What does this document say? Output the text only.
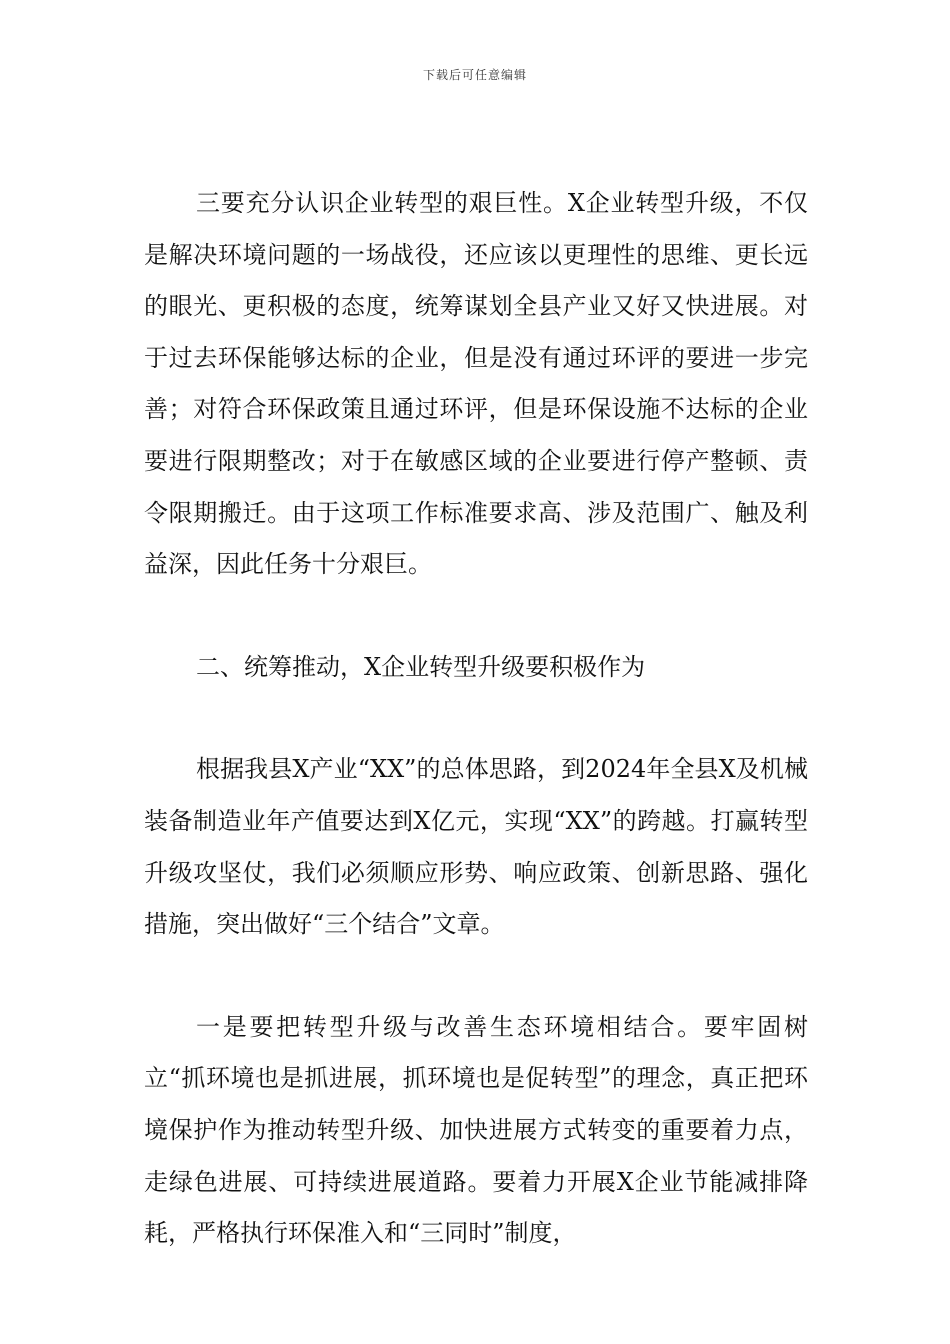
下载后可任意编辑

三要充分认识企业转型的艰巨性。X企业转型升级，不仅是解决环境问题的一场战役，还应该以更理性的思维、更长远的眼光、更积极的态度，统筹谋划全县产业又好又快进展。对于过去环保能够达标的企业，但是没有通过环评的要进一步完善；对符合环保政策且通过环评，但是环保设施不达标的企业要进行限期整改；对于在敏感区域的企业要进行停产整顿、责令限期搬迁。由于这项工作标准要求高、涉及范围广、触及利益深，因此任务十分艰巨。

二、统筹推动，X企业转型升级要积极作为

根据我县X产业“XX”的总体思路，到2024年全县X及机械装备制造业年产值要达到X亿元，实现“XX”的跨越。打赢转型升级攻坚仗，我们必须顺应形势、响应政策、创新思路、强化措施，突出做好“三个结合”文章。

一是要把转型升级与改善生态环境相结合。要牢固树立“抓环境也是抓进展，抓环境也是促转型”的理念，真正把环境保护作为推动转型升级、加快进展方式转变的重要着力点，走绿色进展、可持续进展道路。要着力开展X企业节能减排降耗，严格执行环保准入和“三同时”制度，
